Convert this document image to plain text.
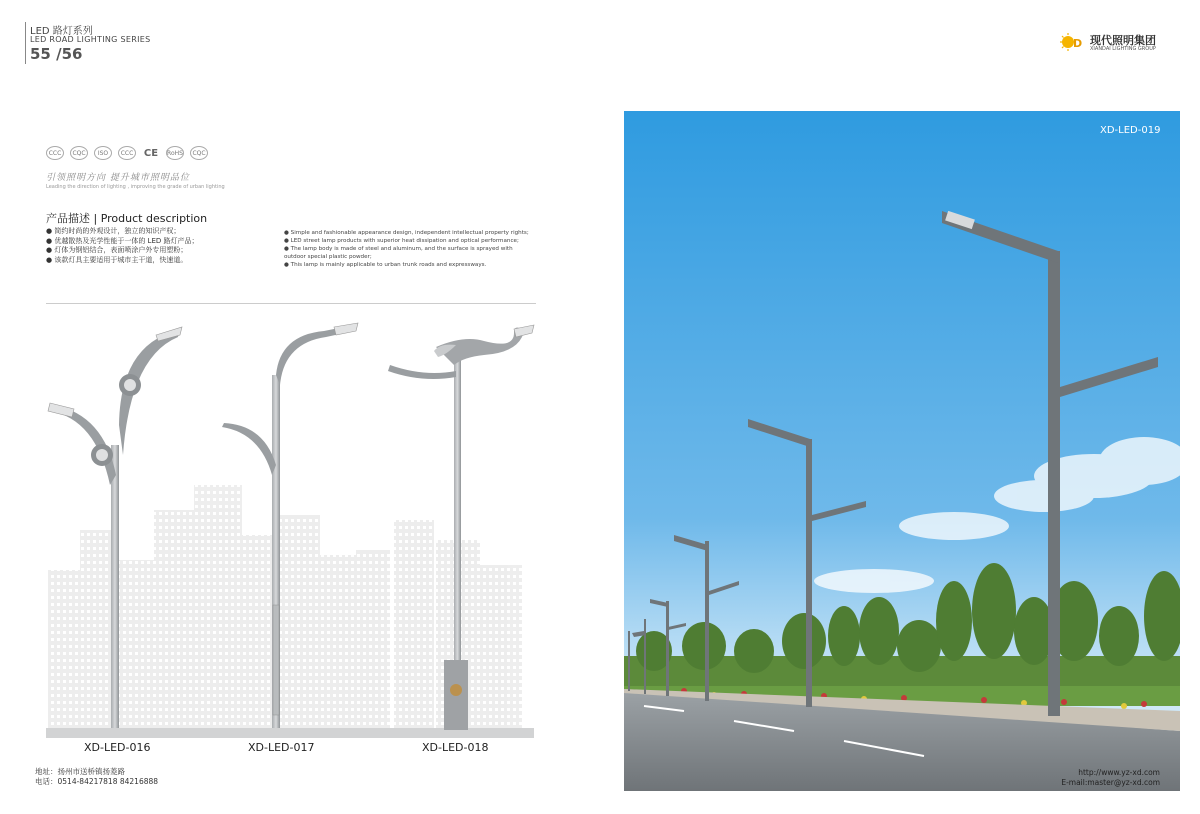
LED 路灯系列
LED ROAD LIGHTING SERIES
55 /56
D 现代照明集团
XIANDAI LIGHTING GROUP
CCC	CQC	ISO	CCC CE	RoHS	CQC
引领照明方向 提升城市照明品位
Leading the direction of lighting , improving the grade of urban lighting
产品描述 | Product description
● 简约时尚的外观设计，独立的知识产权；
● 优越散热及光学性能于一体的 LED 路灯产品；
● 灯体为钢铝结合，表面喷涂户外专用塑粉；
● 该款灯具主要适用于城市主干道，快速道。
● Simple and fashionable appearance design, independent intellectual property rights;
● LED street lamp products with superior heat dissipation and optical performance;
● The lamp body is made of steel and aluminum, and the surface is sprayed with outdoor special plastic powder;
● This lamp is mainly applicable to urban trunk roads and expressways.
XD-LED-016	XD-LED-017	XD-LED-018
地址：扬州市送桥镇扬菱路
电话：0514-84217818 84216888
XD-LED-019
http://www.yz-xd.com
E-mail:master@yz-xd.com
